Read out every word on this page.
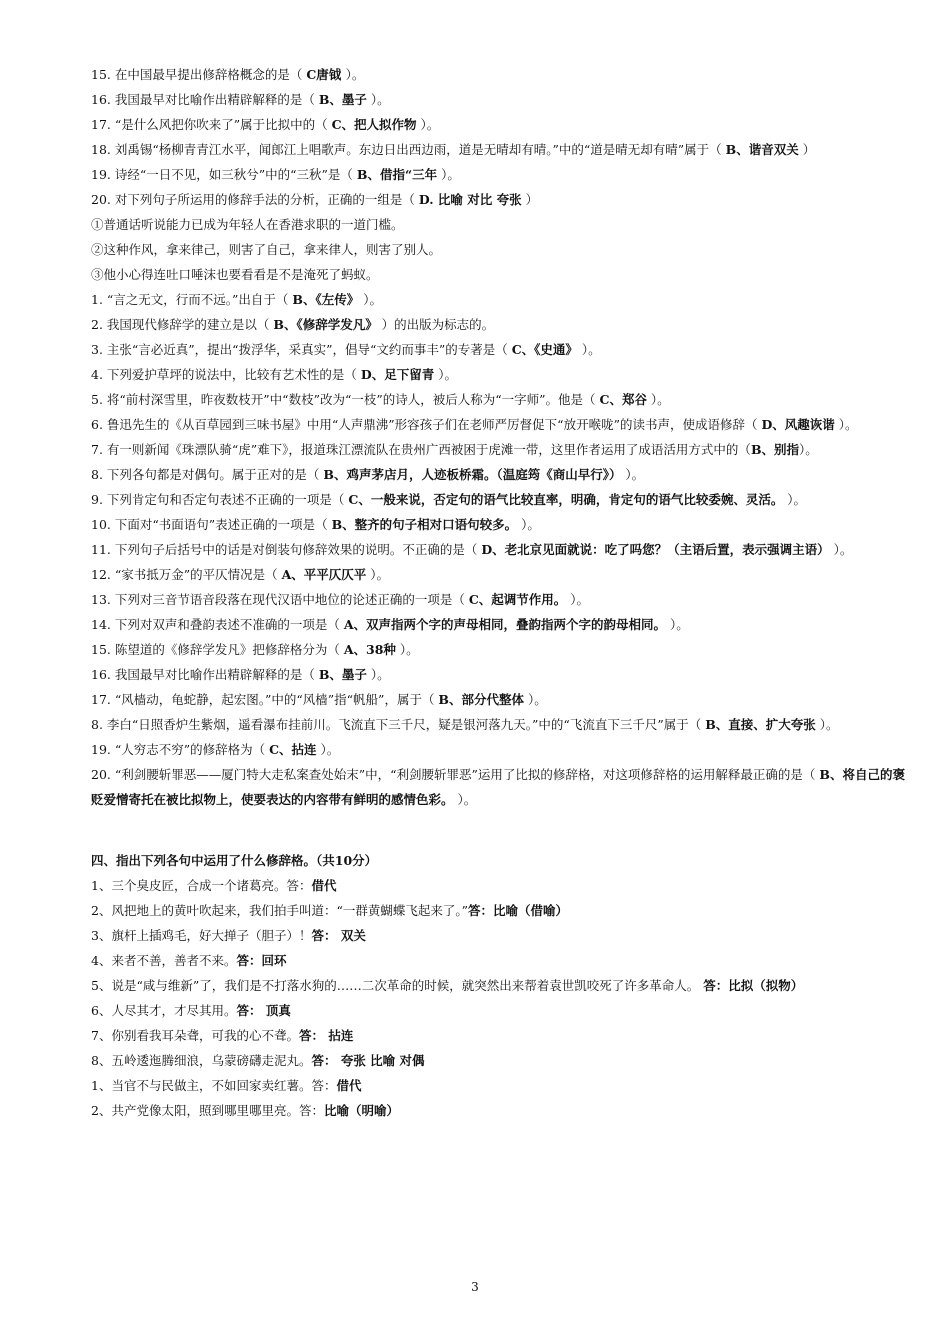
15. 在中国最早提出修辞格概念的是（ C唐钺 ）。
16. 我国最早对比喻作出精辟解释的是（ B、墨子 ）。
17. “是什么风把你吹来了”属于比拟中的（ C、把人拟作物 ）。
18. 刘禹锡“杨柳青青江水平，闻郎江上唱歌声。东边日出西边雨，道是无晴却有晴。”中的“道是晴无却有晴”属于（ B、谐音双关 ）
19. 诗经“一日不见，如三秋兮”中的“三秋”是（ B、借指“三年 ）。
20. 对下列句子所运用的修辞手法的分析，正确的一组是（ D. 比喻 对比 夸张 ）
①普通话听说能力已成为年轻人在香港求职的一道门槛。
②这种作风，拿来律己，则害了自己，拿来律人，则害了别人。
③他小心得连吐口唾沫也要看看是不是淹死了蚂蚁。
1. “言之无文，行而不远。”出自于（ B、《左传》 ）。
2. 我国现代修辞学的建立是以（ B、《修辞学发凡》 ）的出版为标志的。
3. 主张“言必近真”，提出“拨浮华，采真实”，倡导“文约而事丰”的专著是（ C、《史通》 ）。
4. 下列爱护草坪的说法中，比较有艺术性的是（ D、足下留青 ）。
5. 将“前村深雪里，昨夜数枝开”中“数枝”改为“一枝”的诗人，被后人称为“一字师”。他是（ C、郑谷 ）。
6. 鲁迅先生的《从百草园到三味书屋》中用“人声鼎沸”形容孩子们在老师严厉督促下“放开喉咙”的读书声，使成语修辞（ D、风趣诙谐 ）。
7. 有一则新闻《珠漂队骑“虎”难下》，报道珠江漂流队在贵州广西被困于虎滩一带，这里作者运用了成语活用方式中的（B、别指）。
8. 下列各句都是对偶句。属于正对的是（ B、鸡声茅店月，人迹板桥霜。（温庭筠《商山早行》） ）。
9. 下列肯定句和否定句表述不正确的一项是（ C、一般来说，否定句的语气比较直率，明确，肯定句的语气比较委婉、灵活。 ）。
10. 下面对“书面语句”表述正确的一项是（ B、整齐的句子相对口语句较多。 ）。
11. 下列句子后括号中的话是对倒装句修辞效果的说明。不正确的是（ D、老北京见面就说：吃了吗您？（主语后置，表示强调主语） ）。
12. “家书抵万金”的平仄情况是（ A、平平仄仄平 ）。
13. 下列对三音节语音段落在现代汉语中地位的论述正确的一项是（ C、起调节作用。 ）。
14. 下列对双声和叠韵表述不准确的一项是（ A、双声指两个字的声母相同，叠韵指两个字的韵母相同。 ）。
15. 陈望道的《修辞学发凡》把修辞格分为（ A、38种 ）。
16. 我国最早对比喻作出精辟解释的是（ B、墨子 ）。
17. “风樯动，龟蛇静，起宏图。”中的“风樯”指“帆船”，属于（ B、部分代整体 ）。
8. 李白“日照香炉生紫烟，遥看瀑布挂前川。飞流直下三千尺，疑是银河落九天。”中的“飞流直下三千尺”属于（ B、直接、扩大夸张 ）。
19. “人穷志不穷”的修辞格为（ C、拈连 ）。
20. “利剑腰斩罪恶——厦门特大走私案查处始末”中，“利剑腰斩罪恶”运用了比拟的修辞格，对这项修辞格的运用解释最正确的是（ B、将自己的褒贬爱憎寄托在被比拟物上，使要表达的内容带有鲜明的感情色彩。 ）。
四、指出下列各句中运用了什么修辞格。（共10分）
1、三个臭皮匠，合成一个诸葛亮。答：借代
2、风把地上的黄叶吹起来，我们拍手叫道：“一群黄蝴蝶飞起来了。”答：比喻（借喻）
3、旗杆上插鸡毛，好大掸子（胆子）！答： 双关
4、来者不善，善者不来。答：回环
5、说是“咸与维新”了，我们是不打落水狗的……二次革命的时候，就突然出来帮着袁世凯咬死了许多革命人。 答：比拟（拟物）
6、人尽其才，才尽其用。答： 顶真
7、你别看我耳朵聋，可我的心不聋。答： 拈连
8、五岭逶迤腾细浪，乌蒙磅礴走泥丸。答： 夸张 比喻 对偶
1、当官不与民做主，不如回家卖红薯。答：借代
2、共产党像太阳，照到哪里哪里亮。答：比喻（明喻）
3
